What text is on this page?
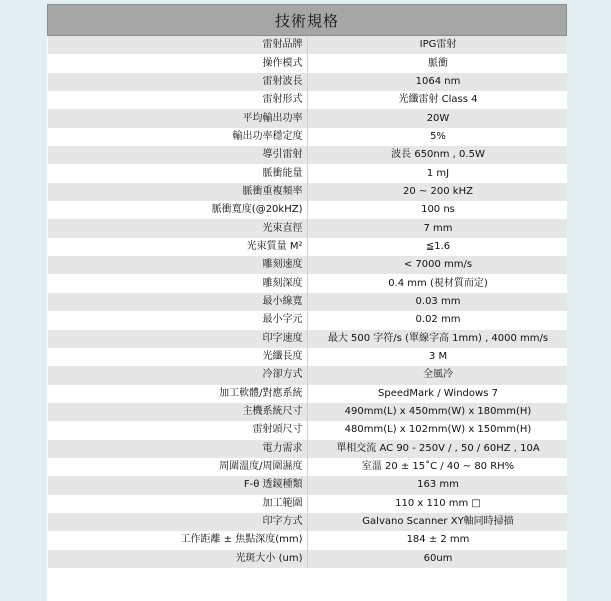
技術規格	
雷射品牌	IPG雷射
操作模式	脈衝
雷射波長	1064 nm
雷射形式	光纖雷射 Class 4
平均輸出功率	20W
輸出功率穩定度	5%
導引雷射	波長 650nm , 0.5W
脈衝能量	1 mJ
脈衝重複頻率	20 ~ 200 kHZ
脈衝寬度(@20kHZ)	100 ns
光束直徑	7 mm
光束質量 M²	≦1.6
雕刻速度	< 7000 mm/s
雕刻深度	0.4 mm (視材質而定)
最小線寬	0.03 mm
最小字元	0.02 mm
印字速度	最大 500 字符/s (單線字高 1mm) , 4000 mm/s
光纖長度	3 M
冷卻方式	全風冷
加工軟體/對應系統	SpeedMark / Windows 7
主機系統尺寸	490mm(L) x 450mm(W) x 180mm(H)
雷射頭尺寸	480mm(L) x 102mm(W) x 150mm(H)
電力需求	單相交流 AC 90 - 250V / , 50 / 60HZ , 10A
周圍溫度/周圍濕度	室溫 20 ± 15˚C / 40 ~ 80 RH%
F-θ 透鏡種類	163 mm
加工範圍	110 x 110 mm □
印字方式	Galvano Scanner XY軸同時掃描
工作距離 ± 焦點深度(mm)	184 ± 2 mm
光斑大小 (um)	60um
